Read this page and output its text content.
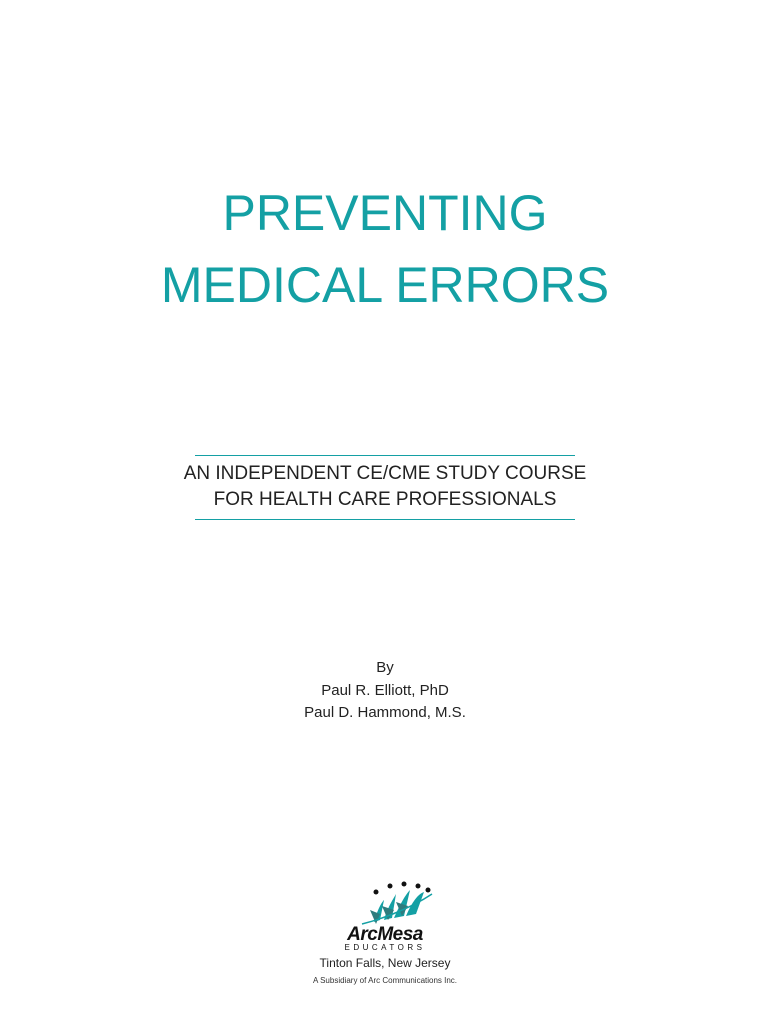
PREVENTING
MEDICAL ERRORS
AN INDEPENDENT CE/CME STUDY COURSE
FOR HEALTH CARE PROFESSIONALS
By
Paul R. Elliott, PhD
Paul D. Hammond, M.S.
ArcMesa
EDUCATORS
Tinton Falls, New Jersey
A Subsidiary of Arc Communications Inc.
